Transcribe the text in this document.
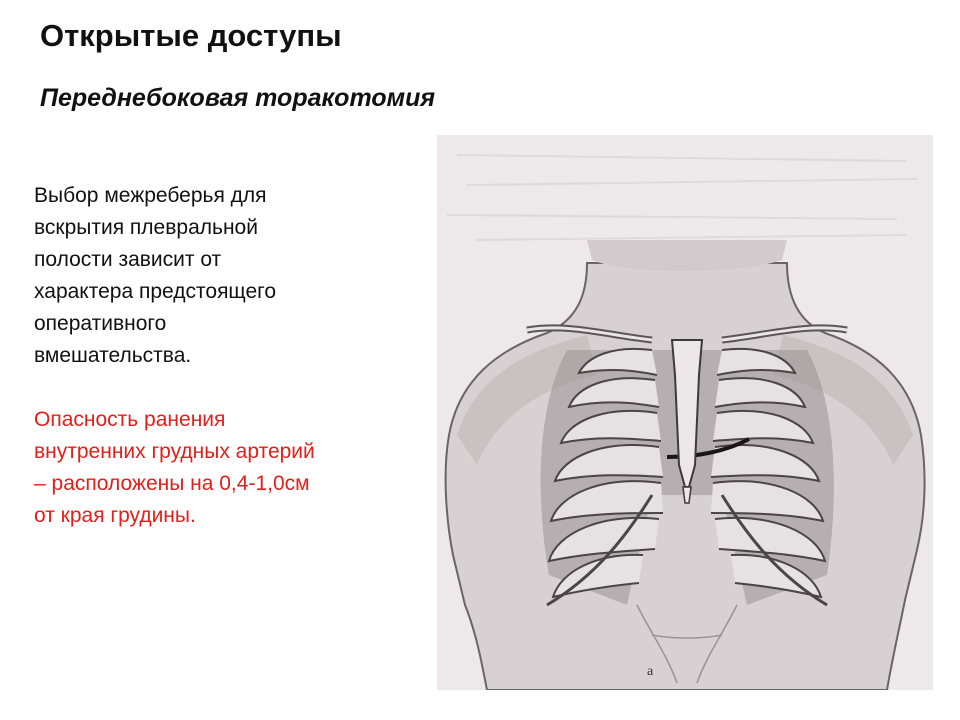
Открытые доступы
Переднебоковая торакотомия

Выбор межреберья для
вскрытия плевральной
полости зависит от
характера предстоящего
оперативного
вмешательства.

Опасность ранения
внутренних грудных артерий
– расположены на 0,4-1,0см
от края грудины.

а
